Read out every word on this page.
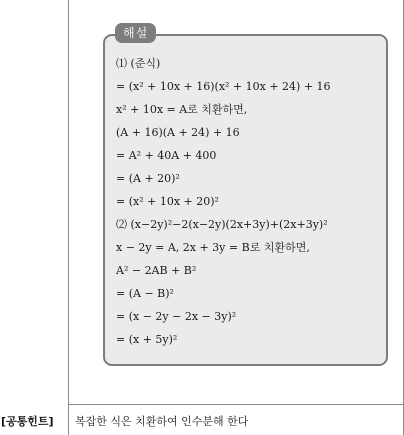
해설
⑴ (준식)
= (x² + 10x + 16)(x² + 10x + 24) + 16
x² + 10x = A로 치환하면,
(A + 16)(A + 24) + 16
= A² + 40A + 400
= (A + 20)²
= (x² + 10x + 20)²
⑵ (x−2y)²−2(x−2y)(2x+3y)+(2x+3y)²
x − 2y = A, 2x + 3y = B로 치환하면,
A² − 2AB + B²
= (A − B)²
= (x − 2y − 2x − 3y)²
= (x + 5y)²
[공통힌트] 복잡한 식은 치환하여 인수분해 한다
